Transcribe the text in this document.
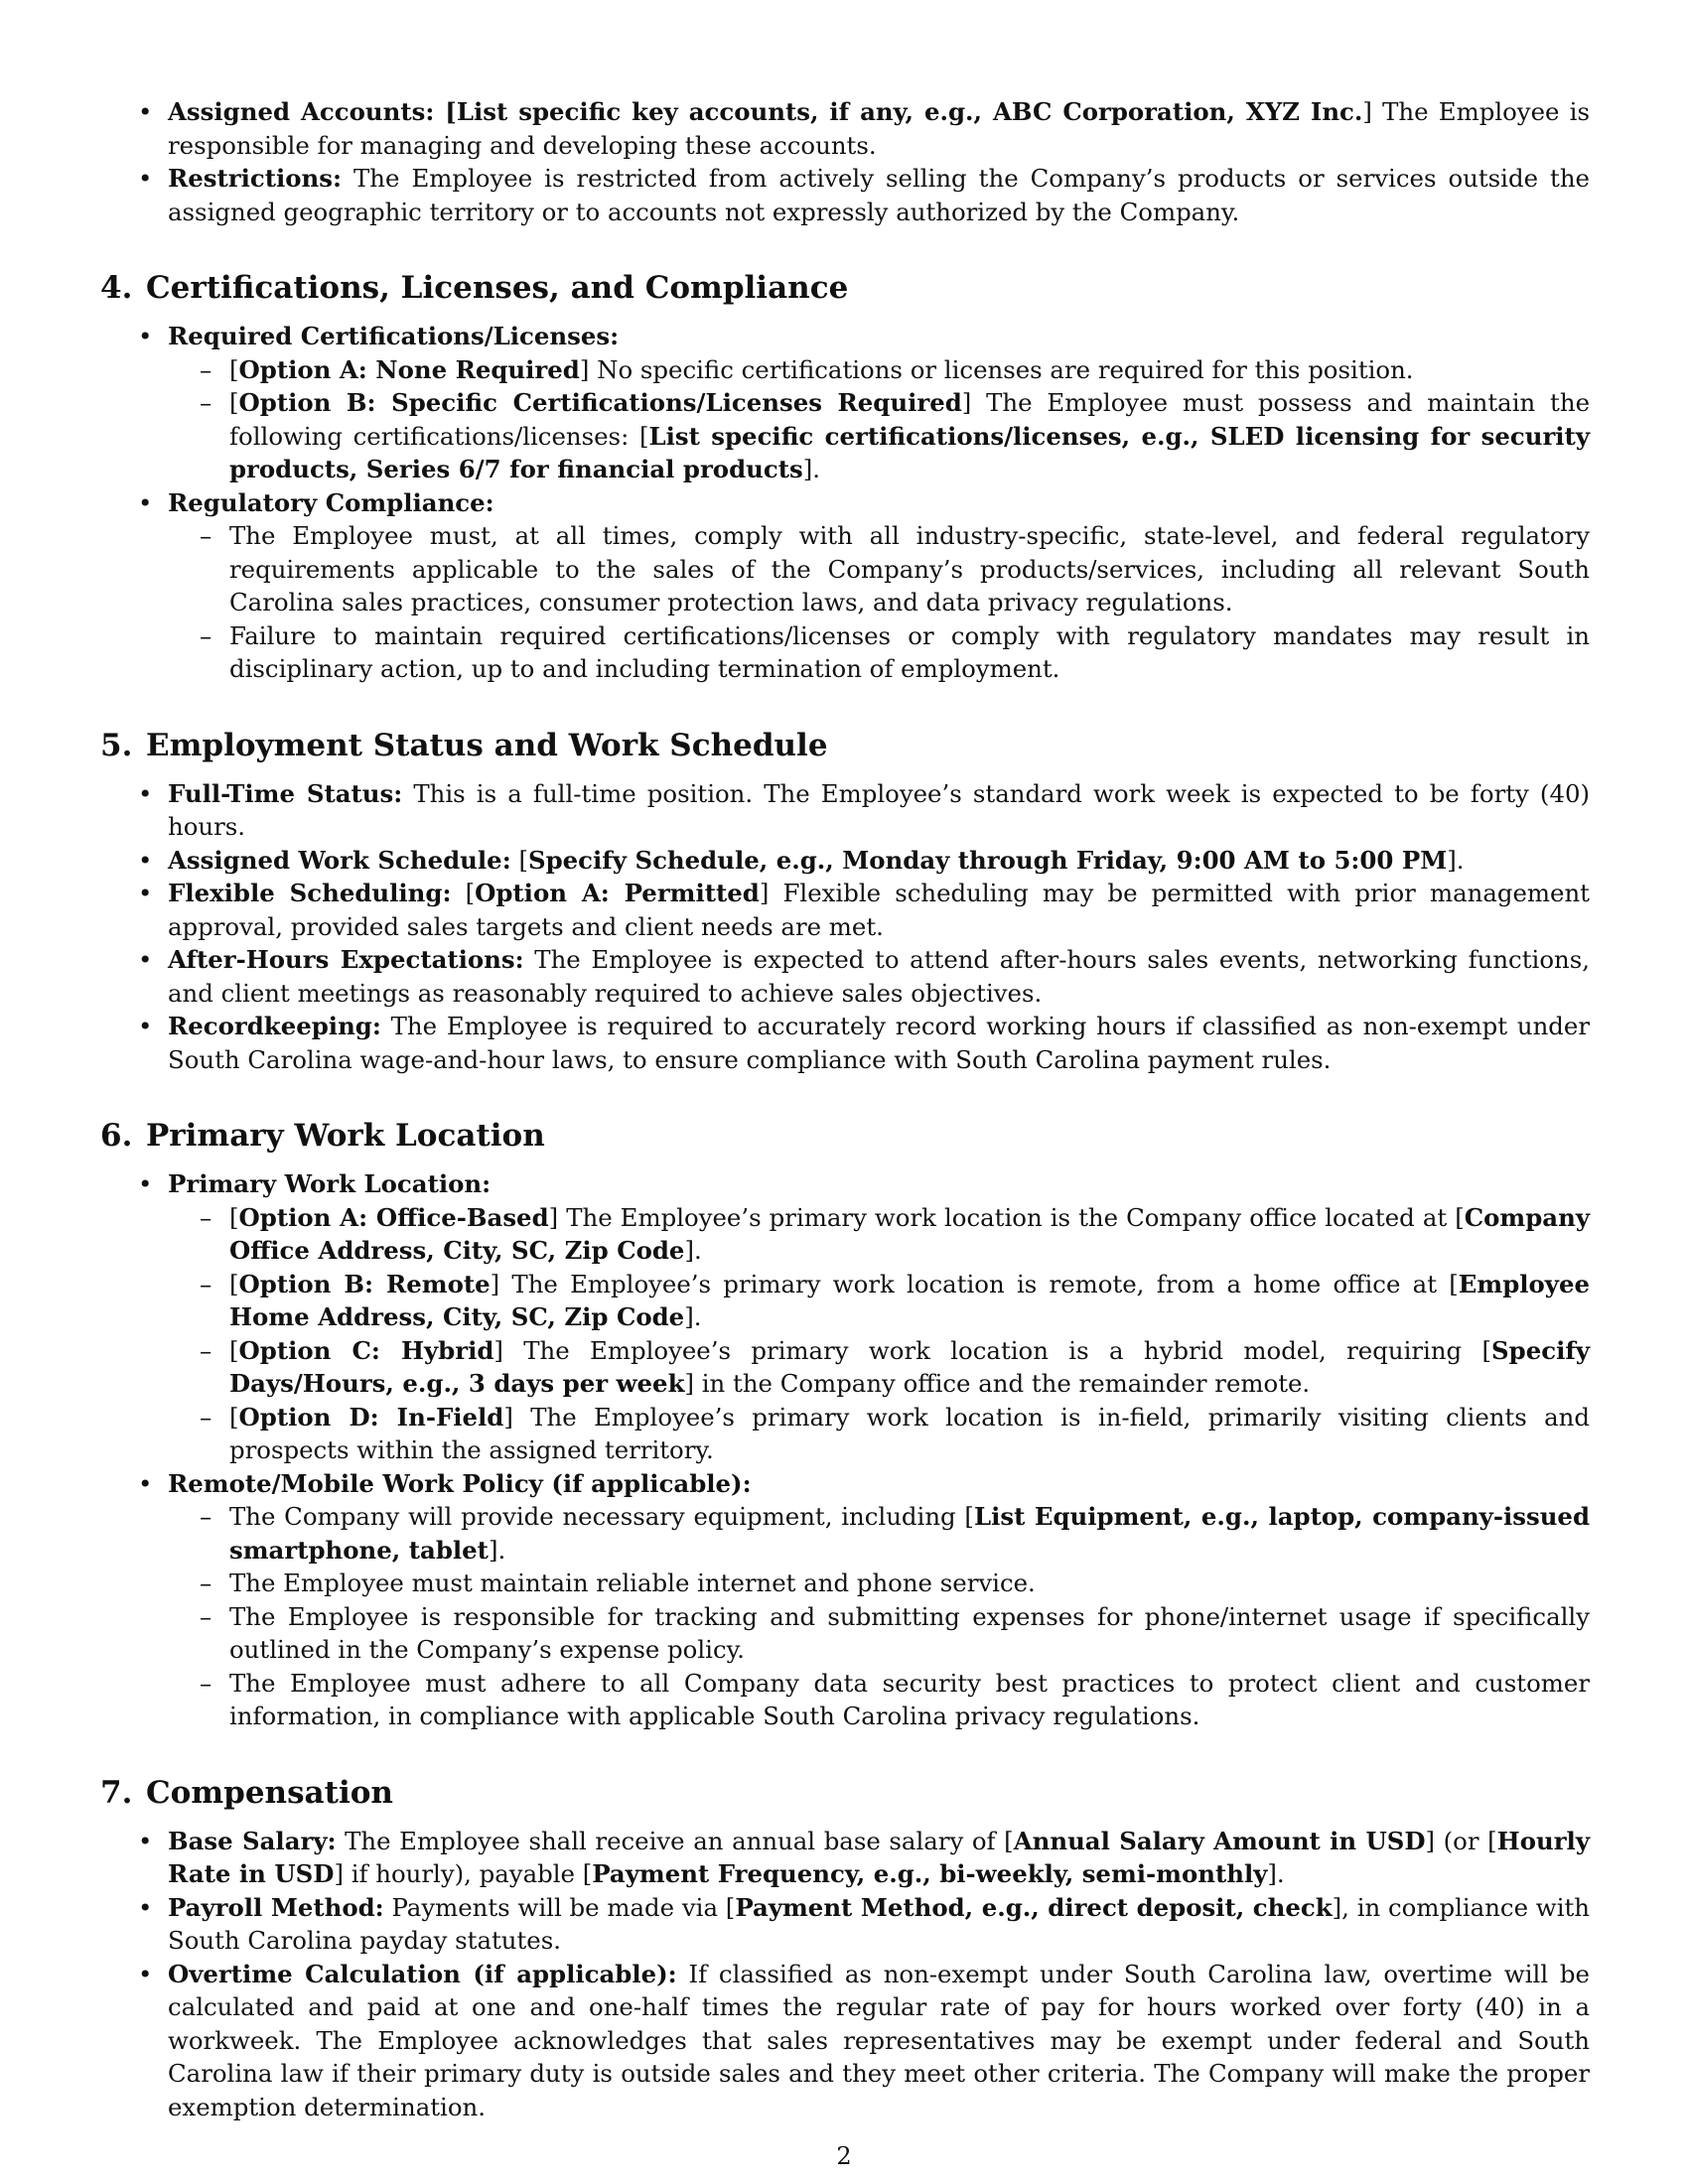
• Assigned Accounts: [List specific key accounts, if any, e.g., ABC Corporation, XYZ Inc.] The Employee is responsible for managing and developing these accounts.
• Restrictions: The Employee is restricted from actively selling the Company’s products or services outside the assigned geographic territory or to accounts not expressly authorized by the Company.
4. Certifications, Licenses, and Compliance
• Required Certifications/Licenses:
– [Option A: None Required] No specific certifications or licenses are required for this position.
– [Option B: Specific Certifications/Licenses Required] The Employee must possess and maintain the following certifications/licenses: [List specific certifications/licenses, e.g., SLED licensing for security products, Series 6/7 for financial products].
• Regulatory Compliance:
– The Employee must, at all times, comply with all industry-specific, state-level, and federal regulatory requirements applicable to the sales of the Company’s products/services, including all relevant South Carolina sales practices, consumer protection laws, and data privacy regulations.
– Failure to maintain required certifications/licenses or comply with regulatory mandates may result in disciplinary action, up to and including termination of employment.
5. Employment Status and Work Schedule
• Full-Time Status: This is a full-time position. The Employee’s standard work week is expected to be forty (40) hours.
• Assigned Work Schedule: [Specify Schedule, e.g., Monday through Friday, 9:00 AM to 5:00 PM].
• Flexible Scheduling: [Option A: Permitted] Flexible scheduling may be permitted with prior management approval, provided sales targets and client needs are met.
• After-Hours Expectations: The Employee is expected to attend after-hours sales events, networking functions, and client meetings as reasonably required to achieve sales objectives.
• Recordkeeping: The Employee is required to accurately record working hours if classified as non-exempt under South Carolina wage-and-hour laws, to ensure compliance with South Carolina payment rules.
6. Primary Work Location
• Primary Work Location:
– [Option A: Office-Based] The Employee’s primary work location is the Company office located at [Company Office Address, City, SC, Zip Code].
– [Option B: Remote] The Employee’s primary work location is remote, from a home office at [Employee Home Address, City, SC, Zip Code].
– [Option C: Hybrid] The Employee’s primary work location is a hybrid model, requiring [Specify Days/Hours, e.g., 3 days per week] in the Company office and the remainder remote.
– [Option D: In-Field] The Employee’s primary work location is in-field, primarily visiting clients and prospects within the assigned territory.
• Remote/Mobile Work Policy (if applicable):
– The Company will provide necessary equipment, including [List Equipment, e.g., laptop, company-issued smartphone, tablet].
– The Employee must maintain reliable internet and phone service.
– The Employee is responsible for tracking and submitting expenses for phone/internet usage if specifically outlined in the Company’s expense policy.
– The Employee must adhere to all Company data security best practices to protect client and customer information, in compliance with applicable South Carolina privacy regulations.
7. Compensation
• Base Salary: The Employee shall receive an annual base salary of [Annual Salary Amount in USD] (or [Hourly Rate in USD] if hourly), payable [Payment Frequency, e.g., bi-weekly, semi-monthly].
• Payroll Method: Payments will be made via [Payment Method, e.g., direct deposit, check], in compliance with South Carolina payday statutes.
• Overtime Calculation (if applicable): If classified as non-exempt under South Carolina law, overtime will be calculated and paid at one and one-half times the regular rate of pay for hours worked over forty (40) in a workweek. The Employee acknowledges that sales representatives may be exempt under federal and South Carolina law if their primary duty is outside sales and they meet other criteria. The Company will make the proper exemption determination.
2
